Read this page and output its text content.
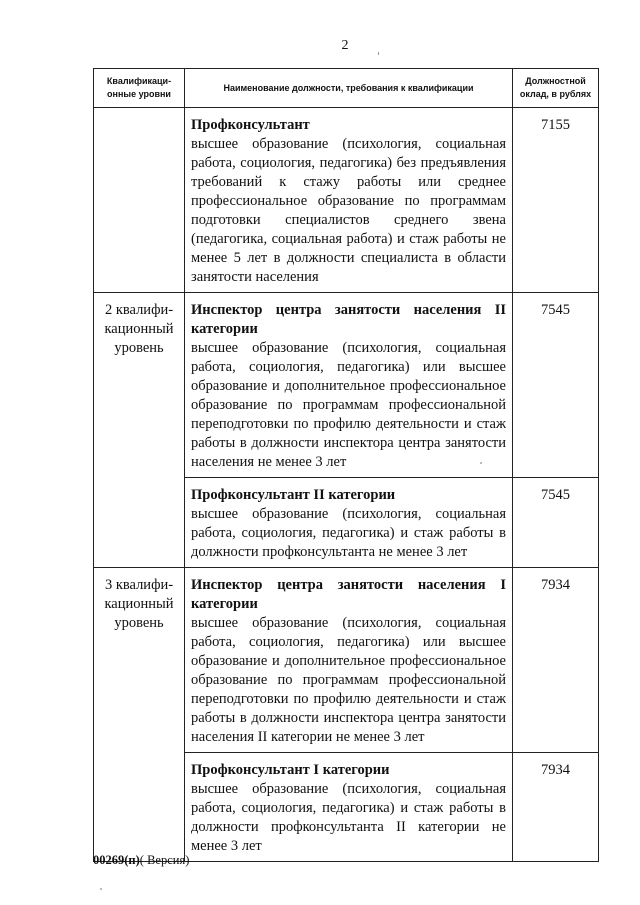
2
Квалификаци-онные уровни	Наименование должности, требования к квалификации	Должностной оклад, в рублях

	Профконсультант
высшее образование (психология, социальная работа, социология, педагогика) без предъявления требований к стажу работы или среднее профессиональное образование по программам подготовки специалистов среднего звена (педагогика, социальная работа) и стаж работы не менее 5 лет в должности специалиста в области занятости населения	7155
2 квалифи-кационный уровень	Инспектор центра занятости населения II категории
высшее образование (психология, социальная работа, социология, педагогика) или высшее образование и дополнительное профессиональное образование по программам профессиональной переподготовки по профилю деятельности и стаж работы в должности инспектора центра занятости населения не менее 3 лет	7545

	Профконсультант II категории
высшее образование (психология, социальная работа, социология, педагогика) и стаж работы в должности профконсультанта не менее 3 лет	7545
3 квалифи-кационный уровень	Инспектор центра занятости населения I категории
высшее образование (психология, социальная работа, социология, педагогика) или высшее образование и дополнительное профессиональное образование по программам профессиональной переподготовки по профилю деятельности и стаж работы в должности инспектора центра занятости населения II категории не менее 3 лет	7934

	Профконсультант I категории
высшее образование (психология, социальная работа, социология, педагогика) и стаж работы в должности профконсультанта II категории не менее 3 лет	7934
00269(п)( Версия)
